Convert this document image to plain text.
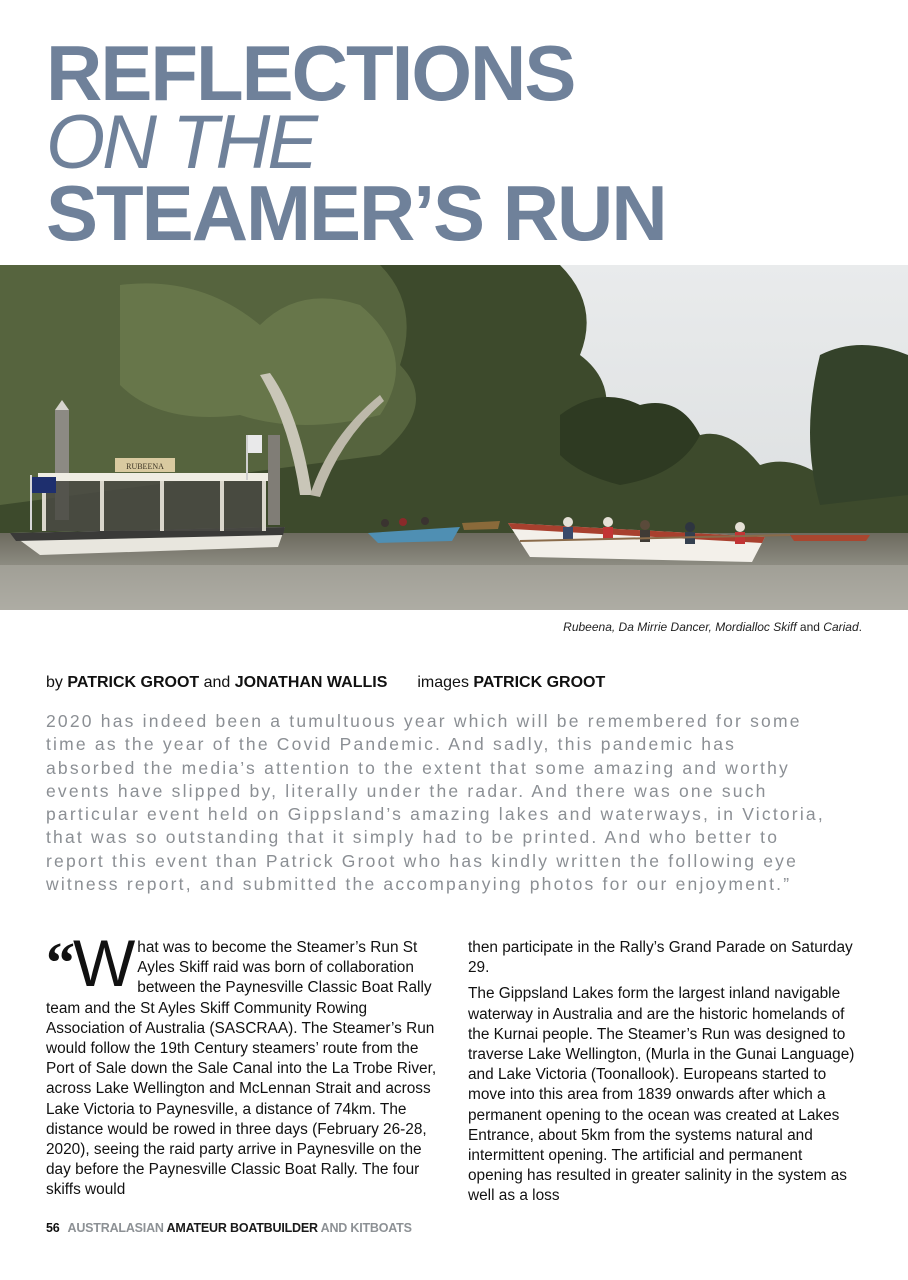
REFLECTIONS
ON THE
STEAMER’S RUN
RUBEENA
Rubeena, Da Mirrie Dancer, Mordialloc Skiff and Cariad.
by PATRICK GROOT and JONATHAN WALLIS images PATRICK GROOT
2020 has indeed been a tumultuous year which will be remembered for some time as the year of the Covid Pandemic. And sadly, this pandemic has absorbed the media’s attention to the extent that some amazing and worthy events have slipped by, literally under the radar. And there was one such particular event held on Gippsland’s amazing lakes and waterways, in Victoria, that was so outstanding that it simply had to be printed. And who better to report this event than Patrick Groot who has kindly written the following eye witness report, and submitted the accompanying photos for our enjoyment.”
“W hat was to become the Steamer’s Run St Ayles Skiff raid was born of collaboration between the Paynesville Classic Boat Rally team and the St Ayles Skiff Community Rowing Association of Australia (SASCRAA). The Steamer’s Run would follow the 19th Century steamers’ route from the Port of Sale down the Sale Canal into the La Trobe River, across Lake Wellington and McLennan Strait and across Lake Victoria to Paynesville, a distance of 74km. The distance would be rowed in three days (February 26-28, 2020), seeing the raid party arrive in Paynesville on the day before the Paynesville Classic Boat Rally. The four skiffs would

then participate in the Rally’s Grand Parade on Saturday 29.

The Gippsland Lakes form the largest inland navigable waterway in Australia and are the historic homelands of the Kurnai people. The Steamer’s Run was designed to traverse Lake Wellington, (Murla in the Gunai Language) and Lake Victoria (Toonallook). Europeans started to move into this area from 1839 onwards after which a permanent opening to the ocean was created at Lakes Entrance, about 5km from the systems natural and intermittent opening. The artificial and permanent opening has resulted in greater salinity in the system as well as a loss

56 AUSTRALASIAN AMATEUR BOATBUILDER AND KITBOATS
